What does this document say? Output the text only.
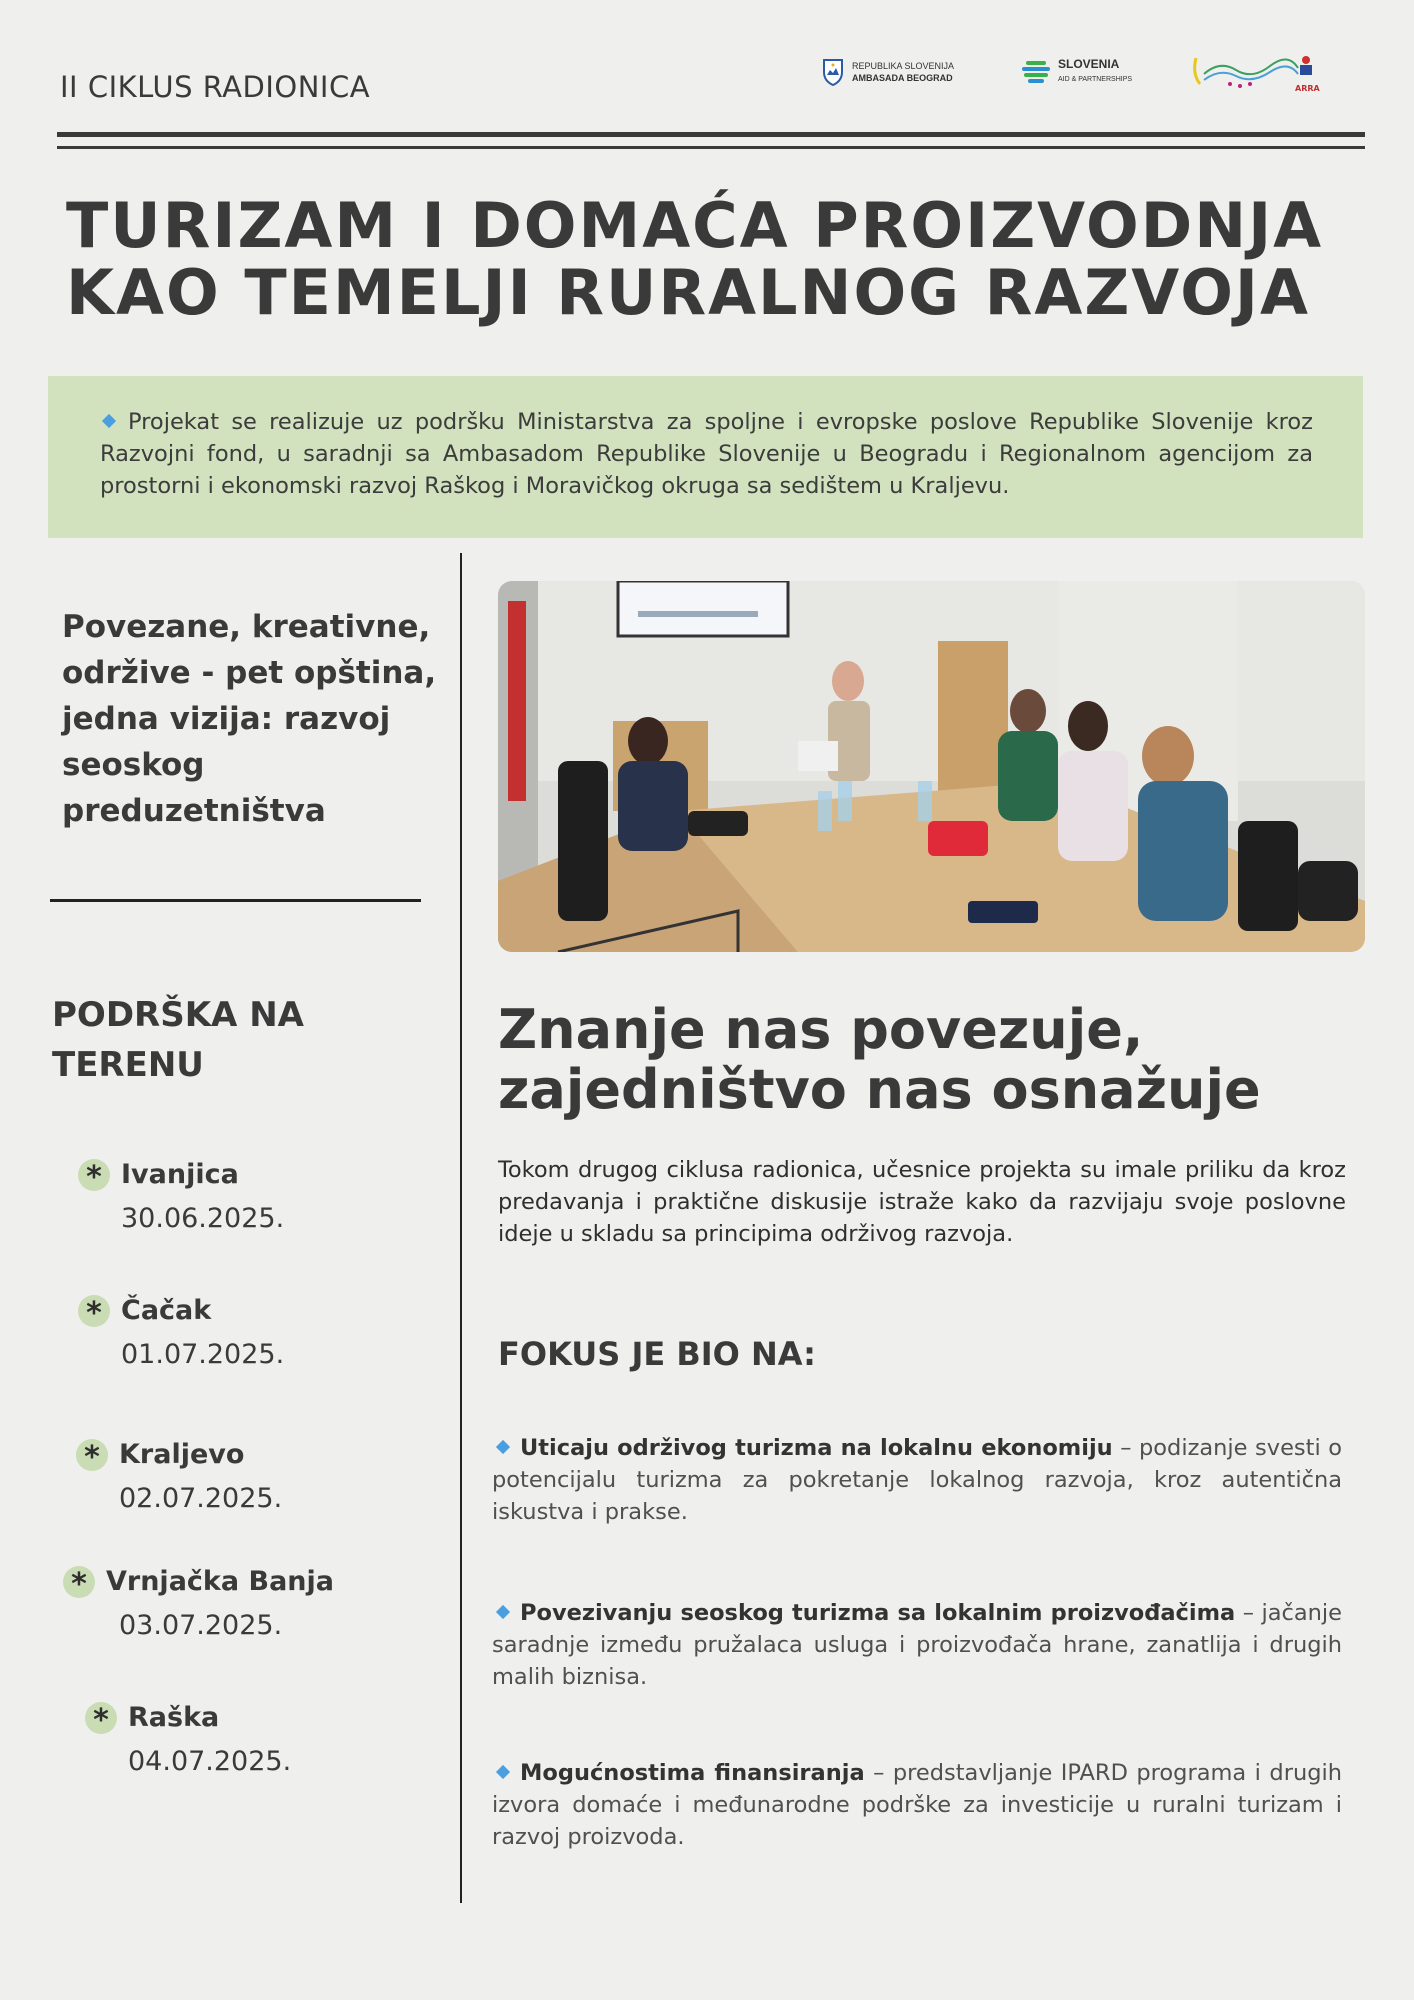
II CIKLUS RADIONICA
REPUBLIKA SLOVENIJA
AMBASADA BEOGRAD
SLOVENIA
AID & PARTNERSHIPS
ARRA
TURIZAM I DOMAĆA PROIZVODNJA
KAO TEMELJI RURALNOG RAZVOJA

Projekat se realizuje uz podršku Ministarstva za spoljne i evropske poslove Republike Slovenije kroz Razvojni fond, u saradnji sa Ambasadom Republike Slovenije u Beogradu i Regionalnom agencijom za prostorni i ekonomski razvoj Raškog i Moravičkog okruga sa sedištem u Kraljevu.

Povezane, kreativne, održive - pet opština, jedna vizija: razvoj seoskog preduzetništva

PODRŠKA NA
TERENU

* Ivanjica
30.06.2025.
* Čačak
01.07.2025.
* Kraljevo
02.07.2025.
* Vrnjačka Banja
03.07.2025.
* Raška
04.07.2025.
Znanje nas povezuje,
zajedništvo nas osnažuje

Tokom drugog ciklusa radionica, učesnice projekta su imale priliku da kroz predavanja i praktične diskusije istraže kako da razvijaju svoje poslovne ideje u skladu sa principima održivog razvoja.

FOKUS JE BIO NA:

Uticaju održivog turizma na lokalnu ekonomiju – podizanje svesti o potencijalu turizma za pokretanje lokalnog razvoja, kroz autentična iskustva i prakse.

Povezivanju seoskog turizma sa lokalnim proizvođačima – jačanje saradnje između pružalaca usluga i proizvođača hrane, zanatlija i drugih malih biznisa.

Mogućnostima finansiranja – predstavljanje IPARD programa i drugih izvora domaće i međunarodne podrške za investicije u ruralni turizam i razvoj proizvoda.
